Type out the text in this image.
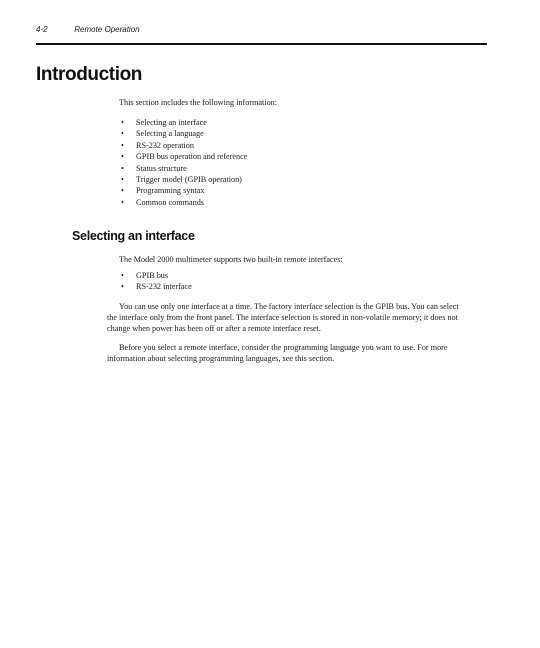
4-2	Remote Operation
Introduction

This section includes the following information:

• Selecting an interface
• Selecting a language
• RS-232 operation
• GPIB bus operation and reference
• Status structure
• Trigger model (GPIB operation)
• Programming syntax
• Common commands
Selecting an interface

The Model 2000 multimeter supports two built-in remote interfaces:

• GPIB bus
• RS-232 interface

You can use only one interface at a time. The factory interface selection is the GPIB bus. You can select the interface only from the front panel. The interface selection is stored in non-volatile memory; it does not change when power has been off or after a remote interface reset.

Before you select a remote interface, consider the programming language you want to use. For more information about selecting programming languages, see this section.
